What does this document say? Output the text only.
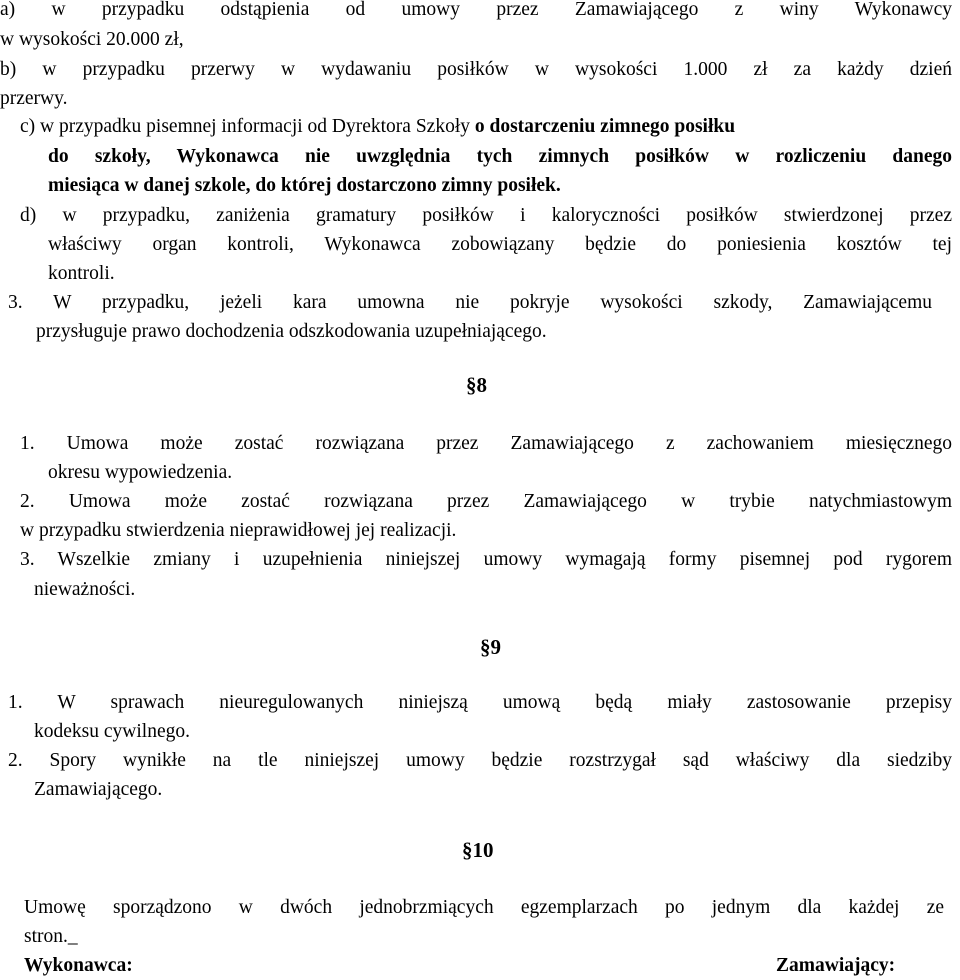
a) w przypadku odstąpienia od umowy przez Zamawiającego z winy Wykonawcy
w wysokości 20.000 zł,
b) w przypadku przerwy w wydawaniu posiłków w wysokości 1.000 zł za każdy dzień
przerwy.
c) w przypadku pisemnej informacji od Dyrektora Szkoły o dostarczeniu zimnego posiłku
do szkoły, Wykonawca nie uwzględnia tych zimnych posiłków w rozliczeniu danego
miesiąca w danej szkole, do której dostarczono zimny posiłek.
d) w przypadku, zaniżenia gramatury posiłków i kaloryczności posiłków stwierdzonej przez
właściwy organ kontroli, Wykonawca zobowiązany będzie do poniesienia kosztów tej
kontroli.
3. W przypadku, jeżeli kara umowna nie pokryje wysokości szkody, Zamawiającemu
przysługuje prawo dochodzenia odszkodowania uzupełniającego.
§8
1. Umowa może zostać rozwiązana przez Zamawiającego z zachowaniem miesięcznego
okresu wypowiedzenia.
2. Umowa może zostać rozwiązana przez Zamawiającego w trybie natychmiastowym
w przypadku stwierdzenia nieprawidłowej jej realizacji.
3. Wszelkie zmiany i uzupełnienia niniejszej umowy wymagają formy pisemnej pod rygorem
nieważności.
§9
1. W sprawach nieuregulowanych niniejszą umową będą miały zastosowanie przepisy
kodeksu cywilnego.
2. Spory wynikłe na tle niniejszej umowy będzie rozstrzygał sąd właściwy dla siedziby
Zamawiającego.
§10
Umowę sporządzono w dwóch jednobrzmiących egzemplarzach po jednym dla każdej ze
stron._
Wykonawca:	Zamawiający:
